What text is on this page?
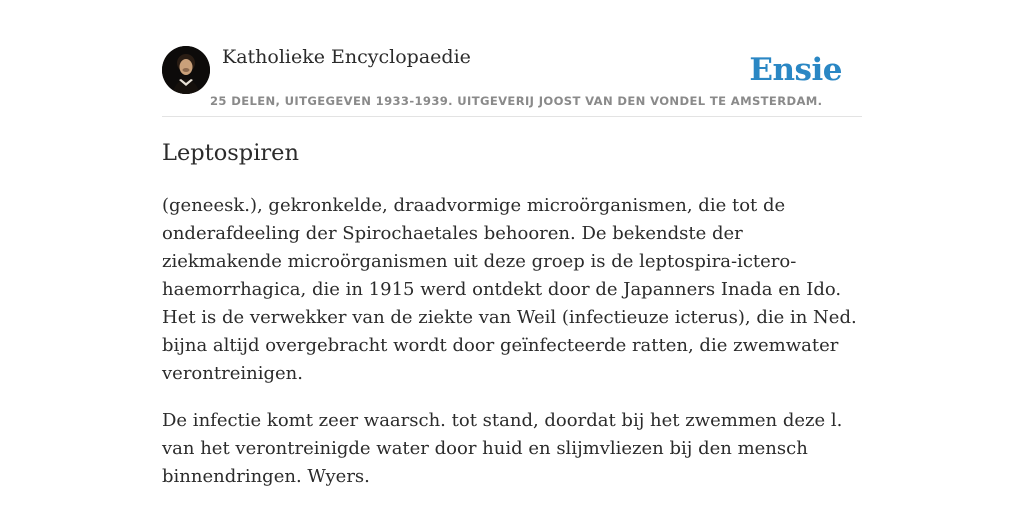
Katholieke Encyclopaedie
25 DELEN, UITGEGEVEN 1933-1939. UITGEVERIJ JOOST VAN DEN VONDEL TE AMSTERDAM.
Ensie
Leptospiren

(geneesk.), gekronkelde, draadvormige microörganismen, die tot de onderafdeeling der Spirochaetales behooren. De bekendste der ziekmakende microörganismen uit deze groep is de leptospira-ictero-haemorrhagica, die in 1915 werd ontdekt door de Japanners Inada en Ido. Het is de verwekker van de ziekte van Weil (infectieuze icterus), die in Ned. bijna altijd overgebracht wordt door geïnfecteerde ratten, die zwemwater verontreinigen.

De infectie komt zeer waarsch. tot stand, doordat bij het zwemmen deze l. van het verontreinigde water door huid en slijmvliezen bij den mensch binnendringen. Wyers.
